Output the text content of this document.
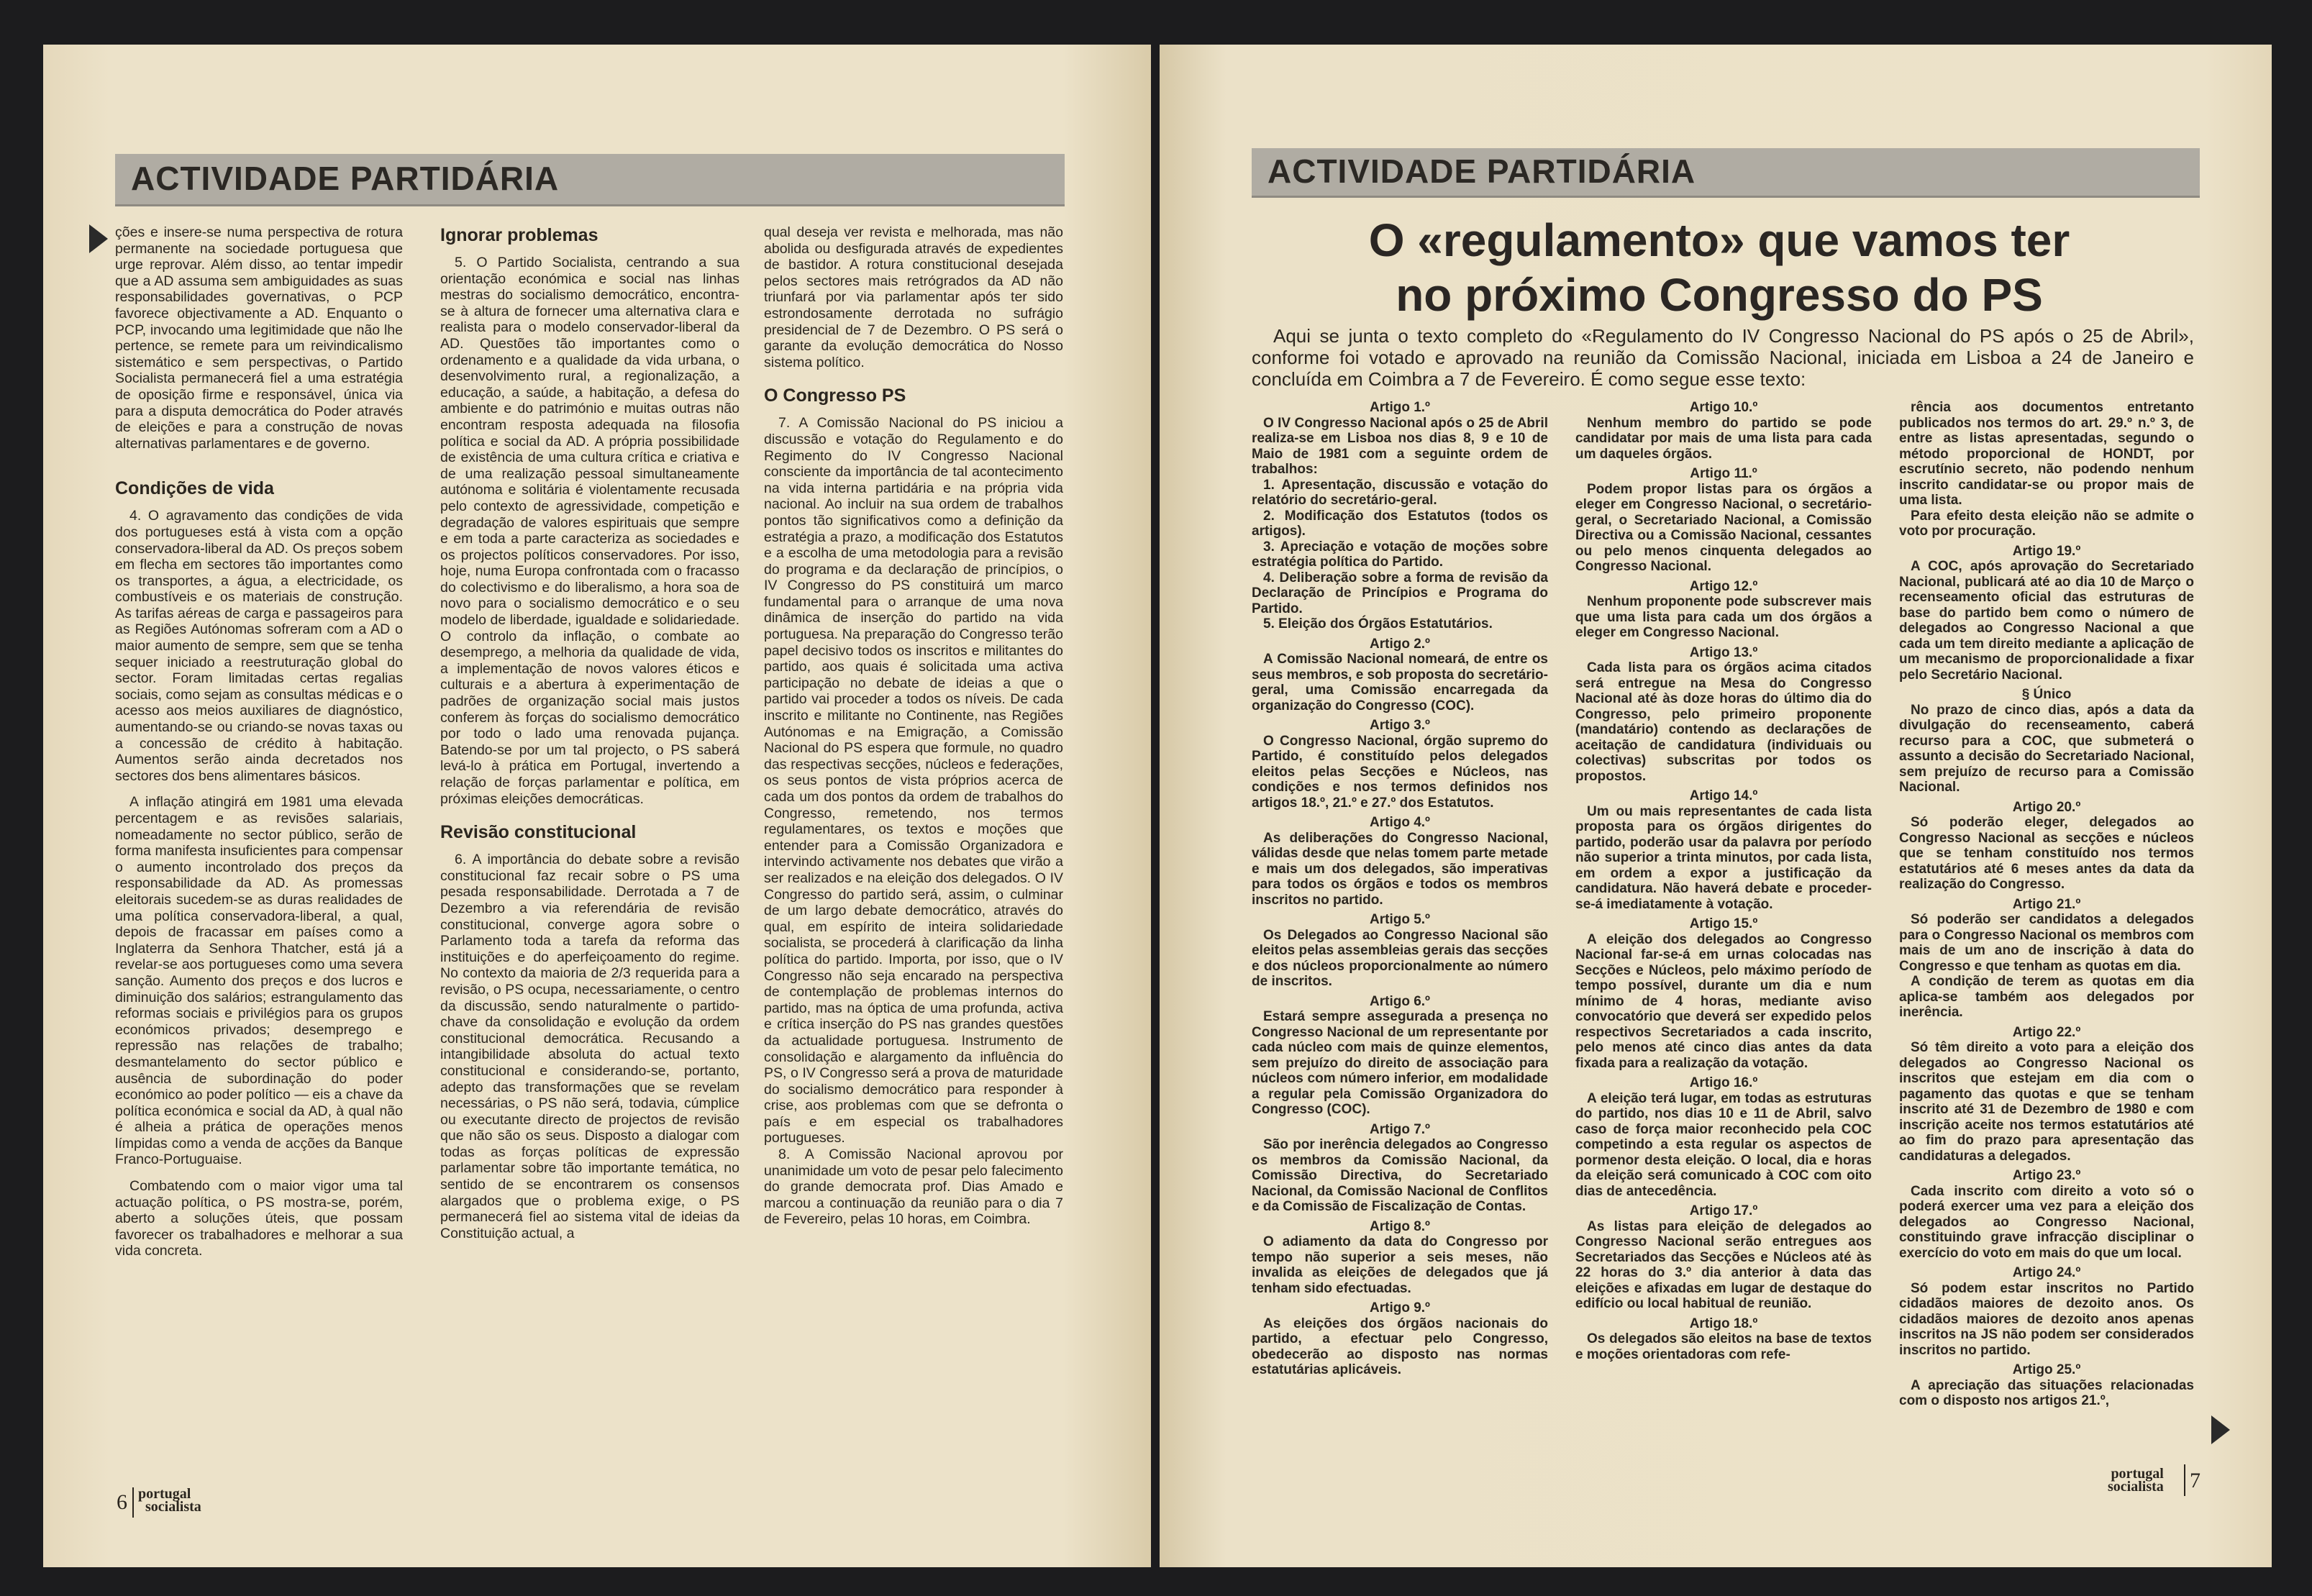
ACTIVIDADE PARTIDÁRIA

ções e insere-se numa perspectiva de rotura permanente na sociedade portuguesa que urge reprovar. Além disso, ao tentar impedir que a AD assuma sem ambiguidades as suas responsabilidades governativas, o PCP favorece objectivamente a AD. Enquanto o PCP, invocando uma legitimidade que não lhe pertence, se remete para um reivindicalismo sistemático e sem perspectivas, o Partido Socialista permanecerá fiel a uma estratégia de oposição firme e responsável, única via para a disputa democrática do Poder através de eleições e para a construção de novas alternativas parlamentares e de governo.

Condições de vida

4. O agravamento das condições de vida dos portugueses está à vista com a opção conservadora-liberal da AD. Os preços sobem em flecha em sectores tão importantes como os transportes, a água, a electricidade, os combustíveis e os materiais de construção. As tarifas aéreas de carga e passageiros para as Regiões Autónomas sofreram com a AD o maior aumento de sempre, sem que se tenha sequer iniciado a reestruturação global do sector. Foram limitadas certas regalias sociais, como sejam as consultas médicas e o acesso aos meios auxiliares de diagnóstico, aumentando-se ou criando-se novas taxas ou a concessão de crédito à habitação. Aumentos serão ainda decretados nos sectores dos bens alimentares básicos.

A inflação atingirá em 1981 uma elevada percentagem e as revisões salariais, nomeadamente no sector público, serão de forma manifesta insuficientes para compensar o aumento incontrolado dos preços da responsabilidade da AD. As promessas eleitorais sucedem-se as duras realidades de uma política conservadora-liberal, a qual, depois de fracassar em países como a Inglaterra da Senhora Thatcher, está já a revelar-se aos portugueses como uma severa sanção. Aumento dos preços e dos lucros e diminuição dos salários; estrangulamento das reformas sociais e privilégios para os grupos económicos privados; desemprego e repressão nas relações de trabalho; desmantelamento do sector público e ausência de subordinação do poder económico ao poder político — eis a chave da política económica e social da AD, à qual não é alheia a prática de operações menos límpidas como a venda de acções da Banque Franco-Portuguaise.

Combatendo com o maior vigor uma tal actuação política, o PS mostra-se, porém, aberto a soluções úteis, que possam favorecer os trabalhadores e melhorar a sua vida concreta.

Ignorar problemas

5. O Partido Socialista, centrando a sua orientação económica e social nas linhas mestras do socialismo democrático, encontra-se à altura de fornecer uma alternativa clara e realista para o modelo conservador-liberal da AD. Questões tão importantes como o ordenamento e a qualidade da vida urbana, o desenvolvimento rural, a regionalização, a educação, a saúde, a habitação, a defesa do ambiente e do património e muitas outras não encontram resposta adequada na filosofia política e social da AD. A própria possibilidade de existência de uma cultura crítica e criativa e de uma realização pessoal simultaneamente autónoma e solitária é violentamente recusada pelo contexto de agressividade, competição e degradação de valores espirituais que sempre e em toda a parte caracteriza as sociedades e os projectos políticos conservadores. Por isso, hoje, numa Europa confrontada com o fracasso do colectivismo e do liberalismo, a hora soa de novo para o socialismo democrático e o seu modelo de liberdade, igualdade e solidariedade. O controlo da inflação, o combate ao desemprego, a melhoria da qualidade de vida, a implementação de novos valores éticos e culturais e a abertura à experimentação de padrões de organização social mais justos conferem às forças do socialismo democrático por todo o lado uma renovada pujança. Batendo-se por um tal projecto, o PS saberá levá-lo à prática em Portugal, invertendo a relação de forças parlamentar e política, em próximas eleições democráticas.

Revisão constitucional

6. A importância do debate sobre a revisão constitucional faz recair sobre o PS uma pesada responsabilidade. Derrotada a 7 de Dezembro a via referendária de revisão constitucional, converge agora sobre o Parlamento toda a tarefa da reforma das instituições e do aperfeiçoamento do regime. No contexto da maioria de 2/3 requerida para a revisão, o PS ocupa, necessariamente, o centro da discussão, sendo naturalmente o partido-chave da consolidação e evolução da ordem constitucional democrática. Recusando a intangibilidade absoluta do actual texto constitucional e considerando-se, portanto, adepto das transformações que se revelam necessárias, o PS não será, todavia, cúmplice ou executante directo de projectos de revisão que não são os seus. Disposto a dialogar com todas as forças políticas de expressão parlamentar sobre tão importante temática, no sentido de se encontrarem os consensos alargados que o problema exige, o PS permanecerá fiel ao sistema vital de ideias da Constituição actual, a

qual deseja ver revista e melhorada, mas não abolida ou desfigurada através de expedientes de bastidor. A rotura constitucional desejada pelos sectores mais retrógrados da AD não triunfará por via parlamentar após ter sido estrondosamente derrotada no sufrágio presidencial de 7 de Dezembro. O PS será o garante da evolução democrática do Nosso sistema político.

O Congresso PS

7. A Comissão Nacional do PS iniciou a discussão e votação do Regulamento e do Regimento do IV Congresso Nacional consciente da importância de tal acontecimento na vida interna partidária e na própria vida nacional. Ao incluir na sua ordem de trabalhos pontos tão significativos como a definição da estratégia a prazo, a modificação dos Estatutos e a escolha de uma metodologia para a revisão do programa e da declaração de princípios, o IV Congresso do PS constituirá um marco fundamental para o arranque de uma nova dinâmica de inserção do partido na vida portuguesa. Na preparação do Congresso terão papel decisivo todos os inscritos e militantes do partido, aos quais é solicitada uma activa participação no debate de ideias a que o partido vai proceder a todos os níveis. De cada inscrito e militante no Continente, nas Regiões Autónomas e na Emigração, a Comissão Nacional do PS espera que formule, no quadro das respectivas secções, núcleos e federações, os seus pontos de vista próprios acerca de cada um dos pontos da ordem de trabalhos do Congresso, remetendo, nos termos regulamentares, os textos e moções que entender para a Comissão Organizadora e intervindo activamente nos debates que virão a ser realizados e na eleição dos delegados. O IV Congresso do partido será, assim, o culminar de um largo debate democrático, através do qual, em espírito de inteira solidariedade socialista, se procederá à clarificação da linha política do partido. Importa, por isso, que o IV Congresso não seja encarado na perspectiva de contemplação de problemas internos do partido, mas na óptica de uma profunda, activa e crítica inserção do PS nas grandes questões da actualidade portuguesa. Instrumento de consolidação e alargamento da influência do PS, o IV Congresso será a prova de maturidade do socialismo democrático para responder à crise, aos problemas com que se defronta o país e em especial os trabalhadores portugueses.

8. A Comissão Nacional aprovou por unanimidade um voto de pesar pelo falecimento do grande democrata prof. Dias Amado e marcou a continuação da reunião para o dia 7 de Fevereiro, pelas 10 horas, em Coimbra.

6 portugal
socialista
ACTIVIDADE PARTIDÁRIA
O «regulamento» que vamos ter
no próximo Congresso do PS

Aqui se junta o texto completo do «Regulamento do IV Congresso Nacional do PS após o 25 de Abril», conforme foi votado e aprovado na reunião da Comissão Nacional, iniciada em Lisboa a 24 de Janeiro e concluída em Coimbra a 7 de Fevereiro. É como segue esse texto:

Artigo 1.º

O IV Congresso Nacional após o 25 de Abril realiza-se em Lisboa nos dias 8, 9 e 10 de Maio de 1981 com a seguinte ordem de trabalhos:

1. Apresentação, discussão e votação do relatório do secretário-geral.

2. Modificação dos Estatutos (todos os artigos).

3. Apreciação e votação de moções sobre estratégia política do Partido.

4. Deliberação sobre a forma de revisão da Declaração de Princípios e Programa do Partido.

5. Eleição dos Órgãos Estatutários.

Artigo 2.º

A Comissão Nacional nomeará, de entre os seus membros, e sob proposta do secretário-geral, uma Comissão encarregada da organização do Congresso (COC).

Artigo 3.º

O Congresso Nacional, órgão supremo do Partido, é constituído pelos delegados eleitos pelas Secções e Núcleos, nas condições e nos termos definidos nos artigos 18.º, 21.º e 27.º dos Estatutos.

Artigo 4.º

As deliberações do Congresso Nacional, válidas desde que nelas tomem parte metade e mais um dos delegados, são imperativas para todos os órgãos e todos os membros inscritos no partido.

Artigo 5.º

Os Delegados ao Congresso Nacional são eleitos pelas assembleias gerais das secções e dos núcleos proporcionalmente ao número de inscritos.

Artigo 6.º

Estará sempre assegurada a presença no Congresso Nacional de um representante por cada núcleo com mais de quinze elementos, sem prejuízo do direito de associação para núcleos com número inferior, em modalidade a regular pela Comissão Organizadora do Congresso (COC).

Artigo 7.º

São por inerência delegados ao Congresso os membros da Comissão Nacional, da Comissão Directiva, do Secretariado Nacional, da Comissão Nacional de Conflitos e da Comissão de Fiscalização de Contas.

Artigo 8.º

O adiamento da data do Congresso por tempo não superior a seis meses, não invalida as eleições de delegados que já tenham sido efectuadas.

Artigo 9.º

As eleições dos órgãos nacionais do partido, a efectuar pelo Congresso, obedecerão ao disposto nas normas estatutárias aplicáveis.

Artigo 10.º

Nenhum membro do partido se pode candidatar por mais de uma lista para cada um daqueles órgãos.

Artigo 11.º

Podem propor listas para os órgãos a eleger em Congresso Nacional, o secretário-geral, o Secretariado Nacional, a Comissão Directiva ou a Comissão Nacional, cessantes ou pelo menos cinquenta delegados ao Congresso Nacional.

Artigo 12.º

Nenhum proponente pode subscrever mais que uma lista para cada um dos órgãos a eleger em Congresso Nacional.

Artigo 13.º

Cada lista para os órgãos acima citados será entregue na Mesa do Congresso Nacional até às doze horas do último dia do Congresso, pelo primeiro proponente (mandatário) contendo as declarações de aceitação de candidatura (individuais ou colectivas) subscritas por todos os propostos.

Artigo 14.º

Um ou mais representantes de cada lista proposta para os órgãos dirigentes do partido, poderão usar da palavra por período não superior a trinta minutos, por cada lista, em ordem a expor a justificação da candidatura. Não haverá debate e proceder-se-á imediatamente à votação.

Artigo 15.º

A eleição dos delegados ao Congresso Nacional far-se-á em urnas colocadas nas Secções e Núcleos, pelo máximo período de tempo possível, durante um dia e num mínimo de 4 horas, mediante aviso convocatório que deverá ser expedido pelos respectivos Secretariados a cada inscrito, pelo menos até cinco dias antes da data fixada para a realização da votação.

Artigo 16.º

A eleição terá lugar, em todas as estruturas do partido, nos dias 10 e 11 de Abril, salvo caso de força maior reconhecido pela COC competindo a esta regular os aspectos de pormenor desta eleição. O local, dia e horas da eleição será comunicado à COC com oito dias de antecedência.

Artigo 17.º

As listas para eleição de delegados ao Congresso Nacional serão entregues aos Secretariados das Secções e Núcleos até às 22 horas do 3.º dia anterior à data das eleições e afixadas em lugar de destaque do edifício ou local habitual de reunião.

Artigo 18.º

Os delegados são eleitos na base de textos e moções orientadoras com refe-

rência aos documentos entretanto publicados nos termos do art. 29.º n.º 3, de entre as listas apresentadas, segundo o método proporcional de HONDT, por escrutínio secreto, não podendo nenhum inscrito candidatar-se ou propor mais de uma lista.

Para efeito desta eleição não se admite o voto por procuração.

Artigo 19.º

A COC, após aprovação do Secretariado Nacional, publicará até ao dia 10 de Março o recenseamento oficial das estruturas de base do partido bem como o número de delegados ao Congresso Nacional a que cada um tem direito mediante a aplicação de um mecanismo de proporcionalidade a fixar pelo Secretário Nacional.

§ Único

No prazo de cinco dias, após a data da divulgação do recenseamento, caberá recurso para a COC, que submeterá o assunto a decisão do Secretariado Nacional, sem prejuízo de recurso para a Comissão Nacional.

Artigo 20.º

Só poderão eleger, delegados ao Congresso Nacional as secções e núcleos que se tenham constituído nos termos estatutários até 6 meses antes da data da realização do Congresso.

Artigo 21.º

Só poderão ser candidatos a delegados para o Congresso Nacional os membros com mais de um ano de inscrição à data do Congresso e que tenham as quotas em dia.

A condição de terem as quotas em dia aplica-se também aos delegados por inerência.

Artigo 22.º

Só têm direito a voto para a eleição dos delegados ao Congresso Nacional os inscritos que estejam em dia com o pagamento das quotas e que se tenham inscrito até 31 de Dezembro de 1980 e com inscrição aceite nos termos estatutários até ao fim do prazo para apresentação das candidaturas a delegados.

Artigo 23.º

Cada inscrito com direito a voto só o poderá exercer uma vez para a eleição dos delegados ao Congresso Nacional, constituindo grave infracção disciplinar o exercício do voto em mais do que um local.

Artigo 24.º

Só podem estar inscritos no Partido cidadãos maiores de dezoito anos. Os cidadãos maiores de dezoito anos apenas inscritos na JS não podem ser considerados inscritos no partido.

Artigo 25.º

A apreciação das situações relacionadas com o disposto nos artigos 21.º,

portugal
socialista 7
